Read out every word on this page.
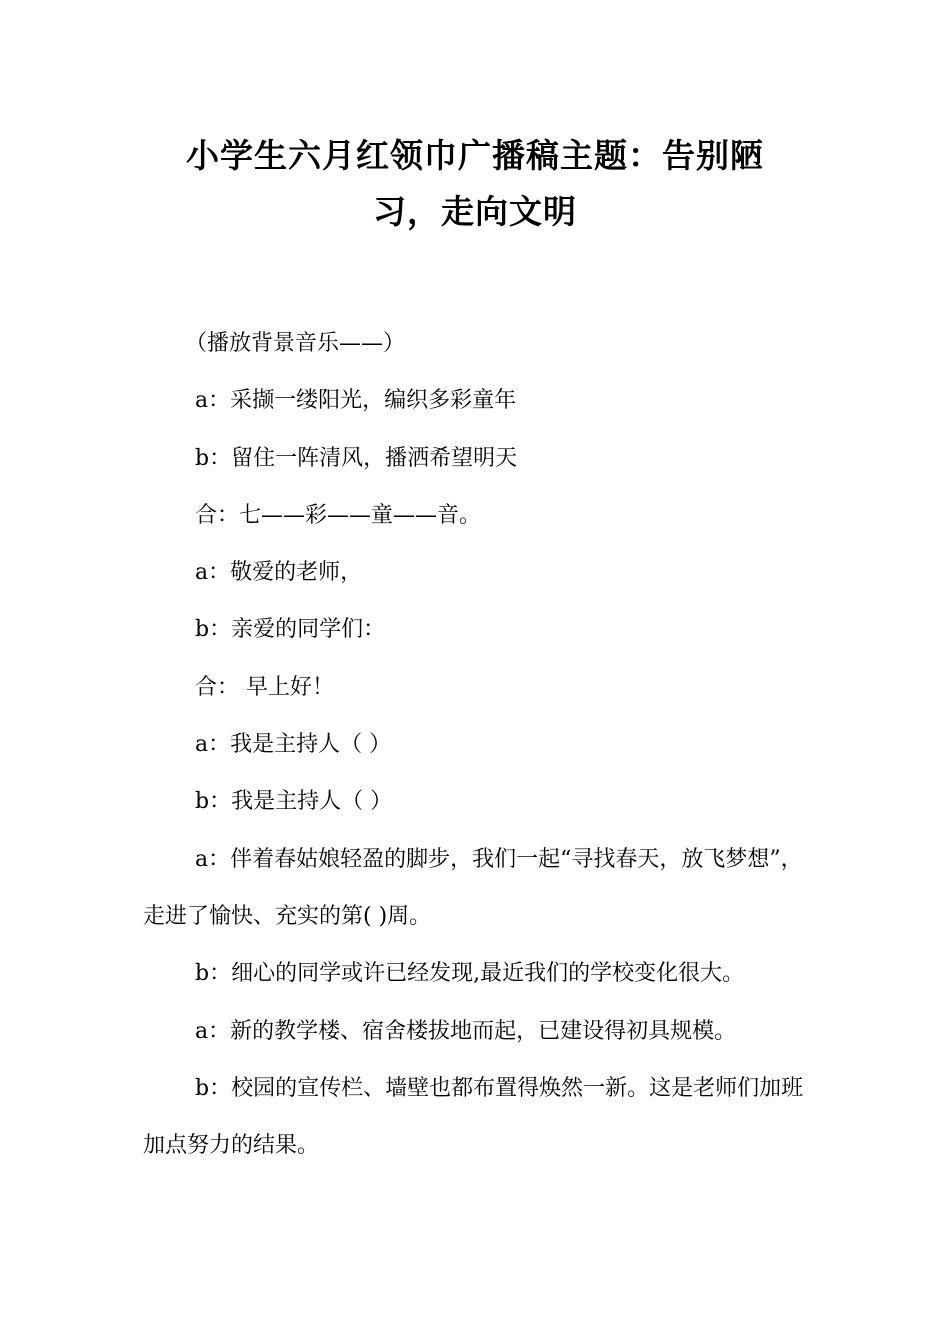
小学生六月红领巾广播稿主题：告别陋
习，走向文明

（播放背景音乐——）

a：采撷一缕阳光，编织多彩童年

b：留住一阵清风，播洒希望明天

合：七——彩——童——音。

a：敬爱的老师，

b：亲爱的同学们：

合： 早上好！

a：我是主持人（ ）

b：我是主持人（ ）

a：伴着春姑娘轻盈的脚步，我们一起“寻找春天，放飞梦想”，走进了愉快、充实的第( )周。

b：细心的同学或许已经发现,最近我们的学校变化很大。

a：新的教学楼、宿舍楼拔地而起，已建设得初具规模。

b：校园的宣传栏、墙壁也都布置得焕然一新。这是老师们加班加点努力的结果。
